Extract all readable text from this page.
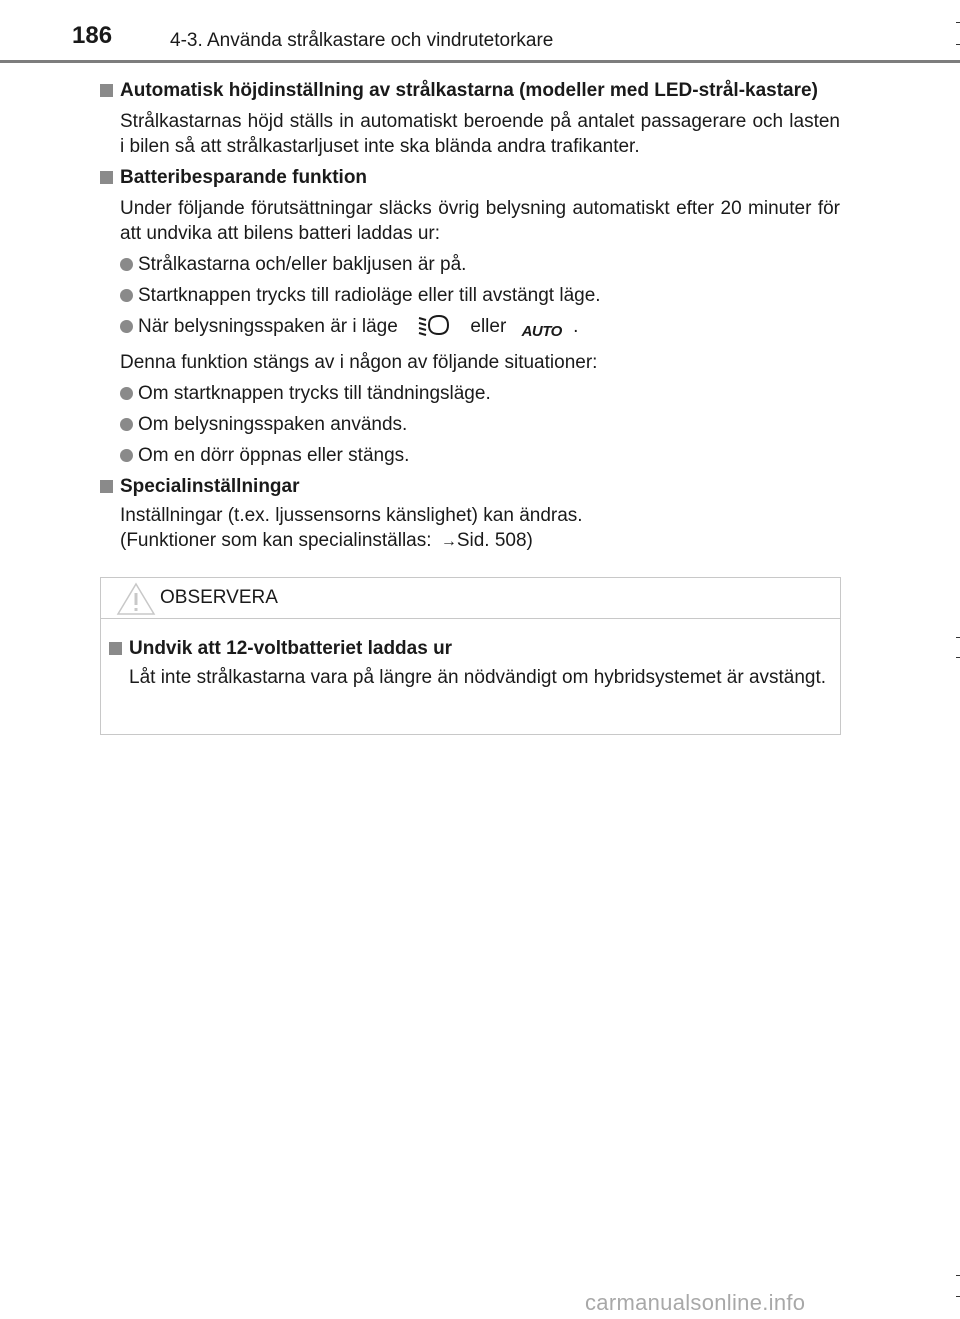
186	4-3. Använda strålkastare och vindrutetorkare
Automatisk höjdinställning av strålkastarna (modeller med LED-strål-kastare)
Strålkastarnas höjd ställs in automatiskt beroende på antalet passagerare och lasten i bilen så att strålkastarljuset inte ska blända andra trafikanter.
Batteribesparande funktion
Under följande förutsättningar släcks övrig belysning automatiskt efter 20 minuter för att undvika att bilens batteri laddas ur:
Strålkastarna och/eller bakljusen är på.
Startknappen trycks till radioläge eller till avstängt läge.
När belysningsspaken är i läge	eller AUTO .
Denna funktion stängs av i någon av följande situationer:
Om startknappen trycks till tändningsläge.
Om belysningsspaken används.
Om en dörr öppnas eller stängs.
Specialinställningar
Inställningar (t.ex. ljussensorns känslighet) kan ändras.
(Funktioner som kan specialinställas: →Sid. 508)
OBSERVERA
Undvik att 12-voltbatteriet laddas ur
Låt inte strålkastarna vara på längre än nödvändigt om hybridsystemet är avstängt.
carmanualsonline.info
